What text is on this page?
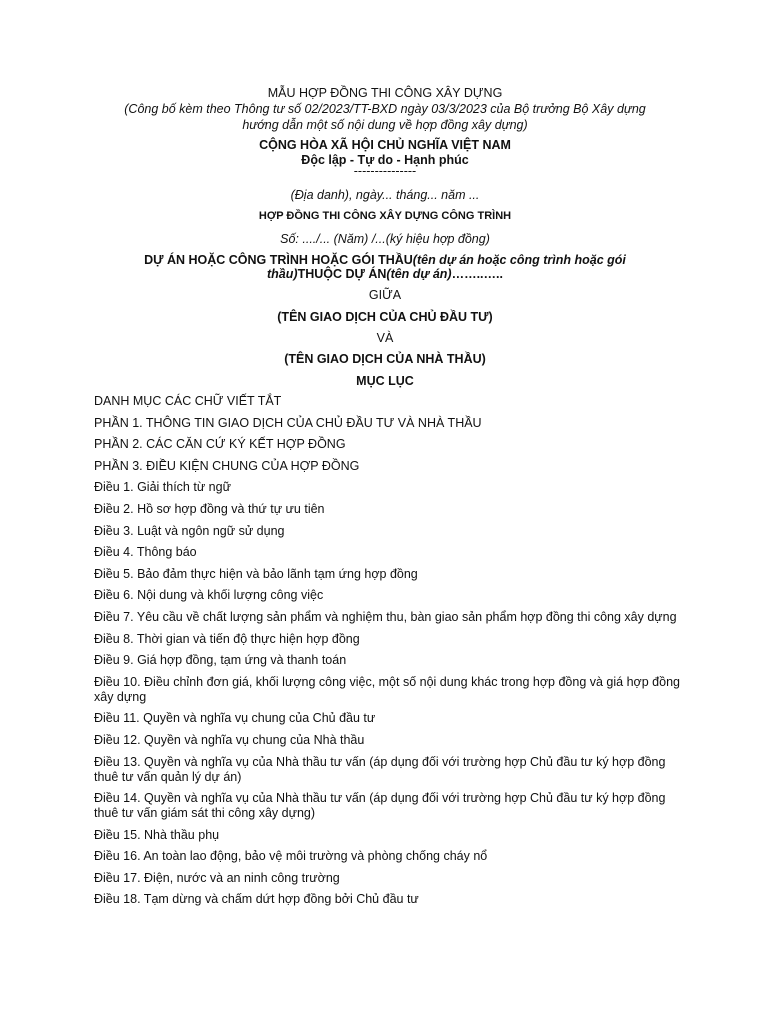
MẪU HỢP ĐỒNG THI CÔNG XÂY DỰNG
(Công bố kèm theo Thông tư số 02/2023/TT-BXD ngày 03/3/2023 của Bộ trưởng Bộ Xây dựng
hướng dẫn một số nội dung về hợp đồng xây dựng)
CỘNG HÒA XÃ HỘI CHỦ NGHĨA VIỆT NAM
Độc lập - Tự do - Hạnh phúc
---------------
(Địa danh), ngày... tháng... năm ...
HỢP ĐỒNG THI CÔNG XÂY DỰNG CÔNG TRÌNH
Số: ..../... (Năm) /...(ký hiệu hợp đồng)
DỰ ÁN HOẶC CÔNG TRÌNH HOẶC GÓI THẦU(tên dự án hoặc công trình hoặc gói
thầu)THUỘC DỰ ÁN(tên dự án)……..…..
GIỮA
(TÊN GIAO DỊCH CỦA CHỦ ĐẦU TƯ)
VÀ
(TÊN GIAO DỊCH CỦA NHÀ THẦU)
MỤC LỤC
DANH MỤC CÁC CHỮ VIẾT TẮT
PHẦN 1. THÔNG TIN GIAO DỊCH CỦA CHỦ ĐẦU TƯ VÀ NHÀ THẦU
PHẦN 2. CÁC CĂN CỨ KÝ KẾT HỢP ĐỒNG
PHẦN 3. ĐIỀU KIỆN CHUNG CỦA HỢP ĐỒNG
Điều 1. Giải thích từ ngữ
Điều 2. Hồ sơ hợp đồng và thứ tự ưu tiên
Điều 3. Luật và ngôn ngữ sử dụng
Điều 4. Thông báo
Điều 5. Bảo đảm thực hiện và bảo lãnh tạm ứng hợp đồng
Điều 6. Nội dung và khối lượng công việc
Điều 7. Yêu cầu về chất lượng sản phẩm và nghiệm thu, bàn giao sản phẩm hợp đồng thi công xây dựng
Điều 8. Thời gian và tiến độ thực hiện hợp đồng
Điều 9. Giá hợp đồng, tạm ứng và thanh toán
Điều 10. Điều chỉnh đơn giá, khối lượng công việc, một số nội dung khác trong hợp đồng và giá hợp đồng xây dựng
Điều 11. Quyền và nghĩa vụ chung của Chủ đầu tư
Điều 12. Quyền và nghĩa vụ chung của Nhà thầu
Điều 13. Quyền và nghĩa vụ của Nhà thầu tư vấn (áp dụng đối với trường hợp Chủ đầu tư ký hợp đồng thuê tư vấn quản lý dự án)
Điều 14. Quyền và nghĩa vụ của Nhà thầu tư vấn (áp dụng đối với trường hợp Chủ đầu tư ký hợp đồng thuê tư vấn giám sát thi công xây dựng)
Điều 15. Nhà thầu phụ
Điều 16. An toàn lao động, bảo vệ môi trường và phòng chống cháy nổ
Điều 17. Điện, nước và an ninh công trường
Điều 18. Tạm dừng và chấm dứt hợp đồng bởi Chủ đầu tư
